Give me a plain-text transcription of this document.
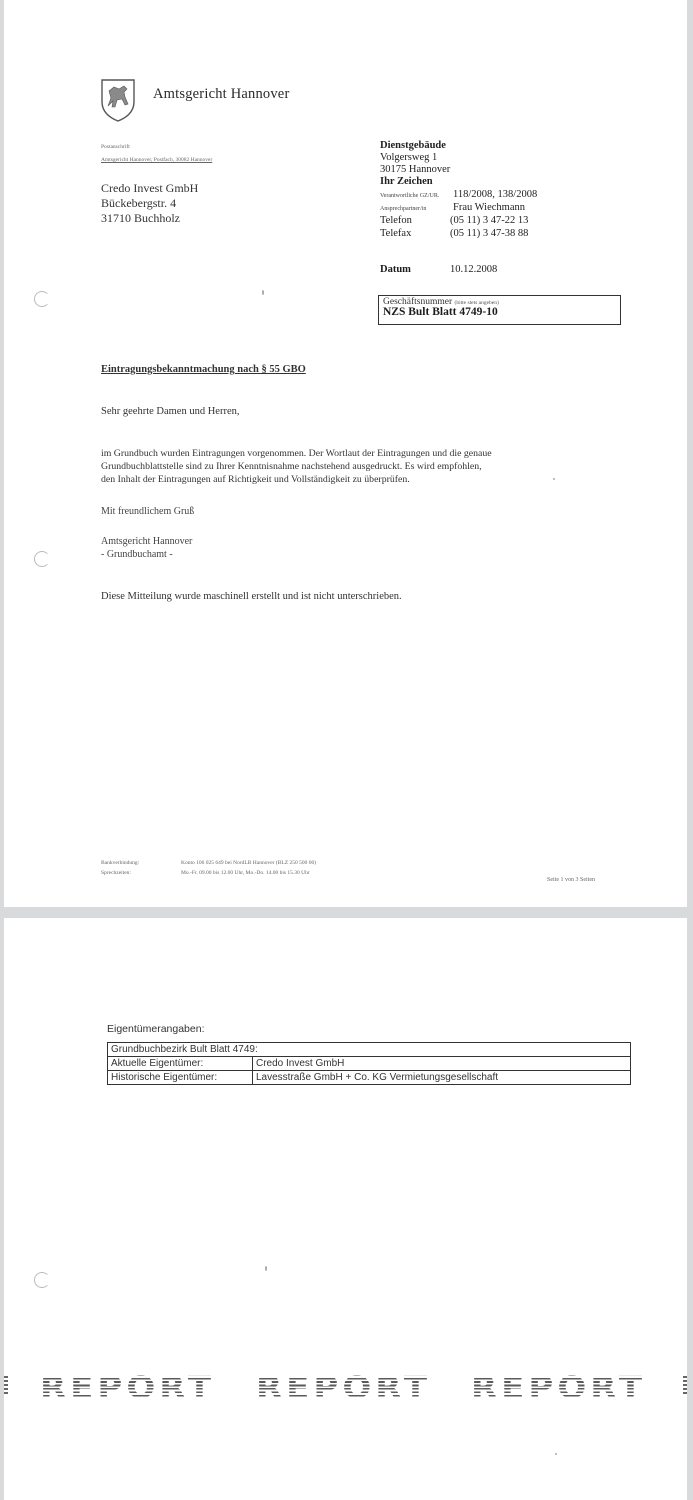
Amtsgericht Hannover
Postanschrift
Amtsgericht Hannover, Postfach, 30082 Hannover
Credo Invest GmbH
Bückebergstr. 4
31710 Buchholz
Dienstgebäude
Volgersweg 1
30175 Hannover
Ihr Zeichen
Verantwortliche GZ/UR.	118/2008, 138/2008
Ansprechpartner/in	Frau Wiechmann
Telefon	(05 11) 3 47-22 13
Telefax	(05 11) 3 47-38 88
Datum	10.12.2008
Geschäftsnummer (bitte stets angeben)
NZS Bult Blatt 4749-10
Eintragungsbekanntmachung nach § 55 GBO
Sehr geehrte Damen und Herren,
im Grundbuch wurden Eintragungen vorgenommen. Der Wortlaut der Eintragungen und die genaue
Grundbuchblattstelle sind zu Ihrer Kenntnisnahme nachstehend ausgedruckt. Es wird empfohlen,
den Inhalt der Eintragungen auf Richtigkeit und Vollständigkeit zu überprüfen.
Mit freundlichem Gruß
Amtsgericht Hannover
- Grundbuchamt -
Diese Mitteilung wurde maschinell erstellt und ist nicht unterschrieben.
Bankverbindung:	Konto 106 025 649 bei NordLB Hannover (BLZ 250 500 00)
Sprechzeiten:	Mo.-Fr. 09.00 bis 12.00 Uhr, Mo.-Do. 14.00 bis 15.30 Uhr
Seite 1 von 3 Seiten
Eigentümerangaben:
Grundbuchbezirk Bult Blatt 4749:	
Aktuelle Eigentümer:	Credo Invest GmbH
Historische Eigentümer:	Lavesstraße GmbH + Co. KG Vermietungsgesellschaft
REPORT REPORT REPORT
